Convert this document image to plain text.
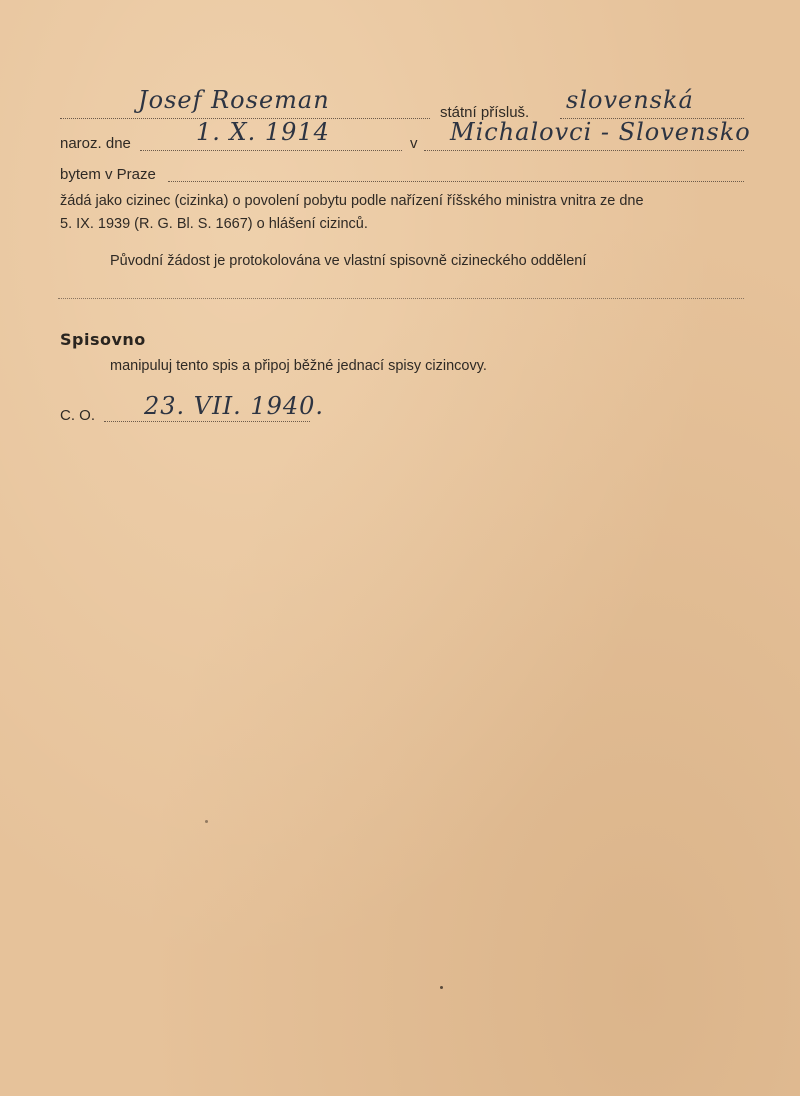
Josef Roseman	státní přísluš. slovenská
naroz. dne	1. X. 1914	v Michalovci - Slovensko
bytem v Praze
žádá jako cizinec (cizinka) o povolení pobytu podle nařízení říšského ministra vnitra ze dne
5. IX. 1939 (R. G. Bl. S. 1667) o hlášení cizinců.
Původní žádost je protokolována ve vlastní spisovně cizineckého oddělení
Spisovno
manipuluj tento spis a připoj běžné jednací spisy cizincovy.
C. O. 23. VII. 1940.
